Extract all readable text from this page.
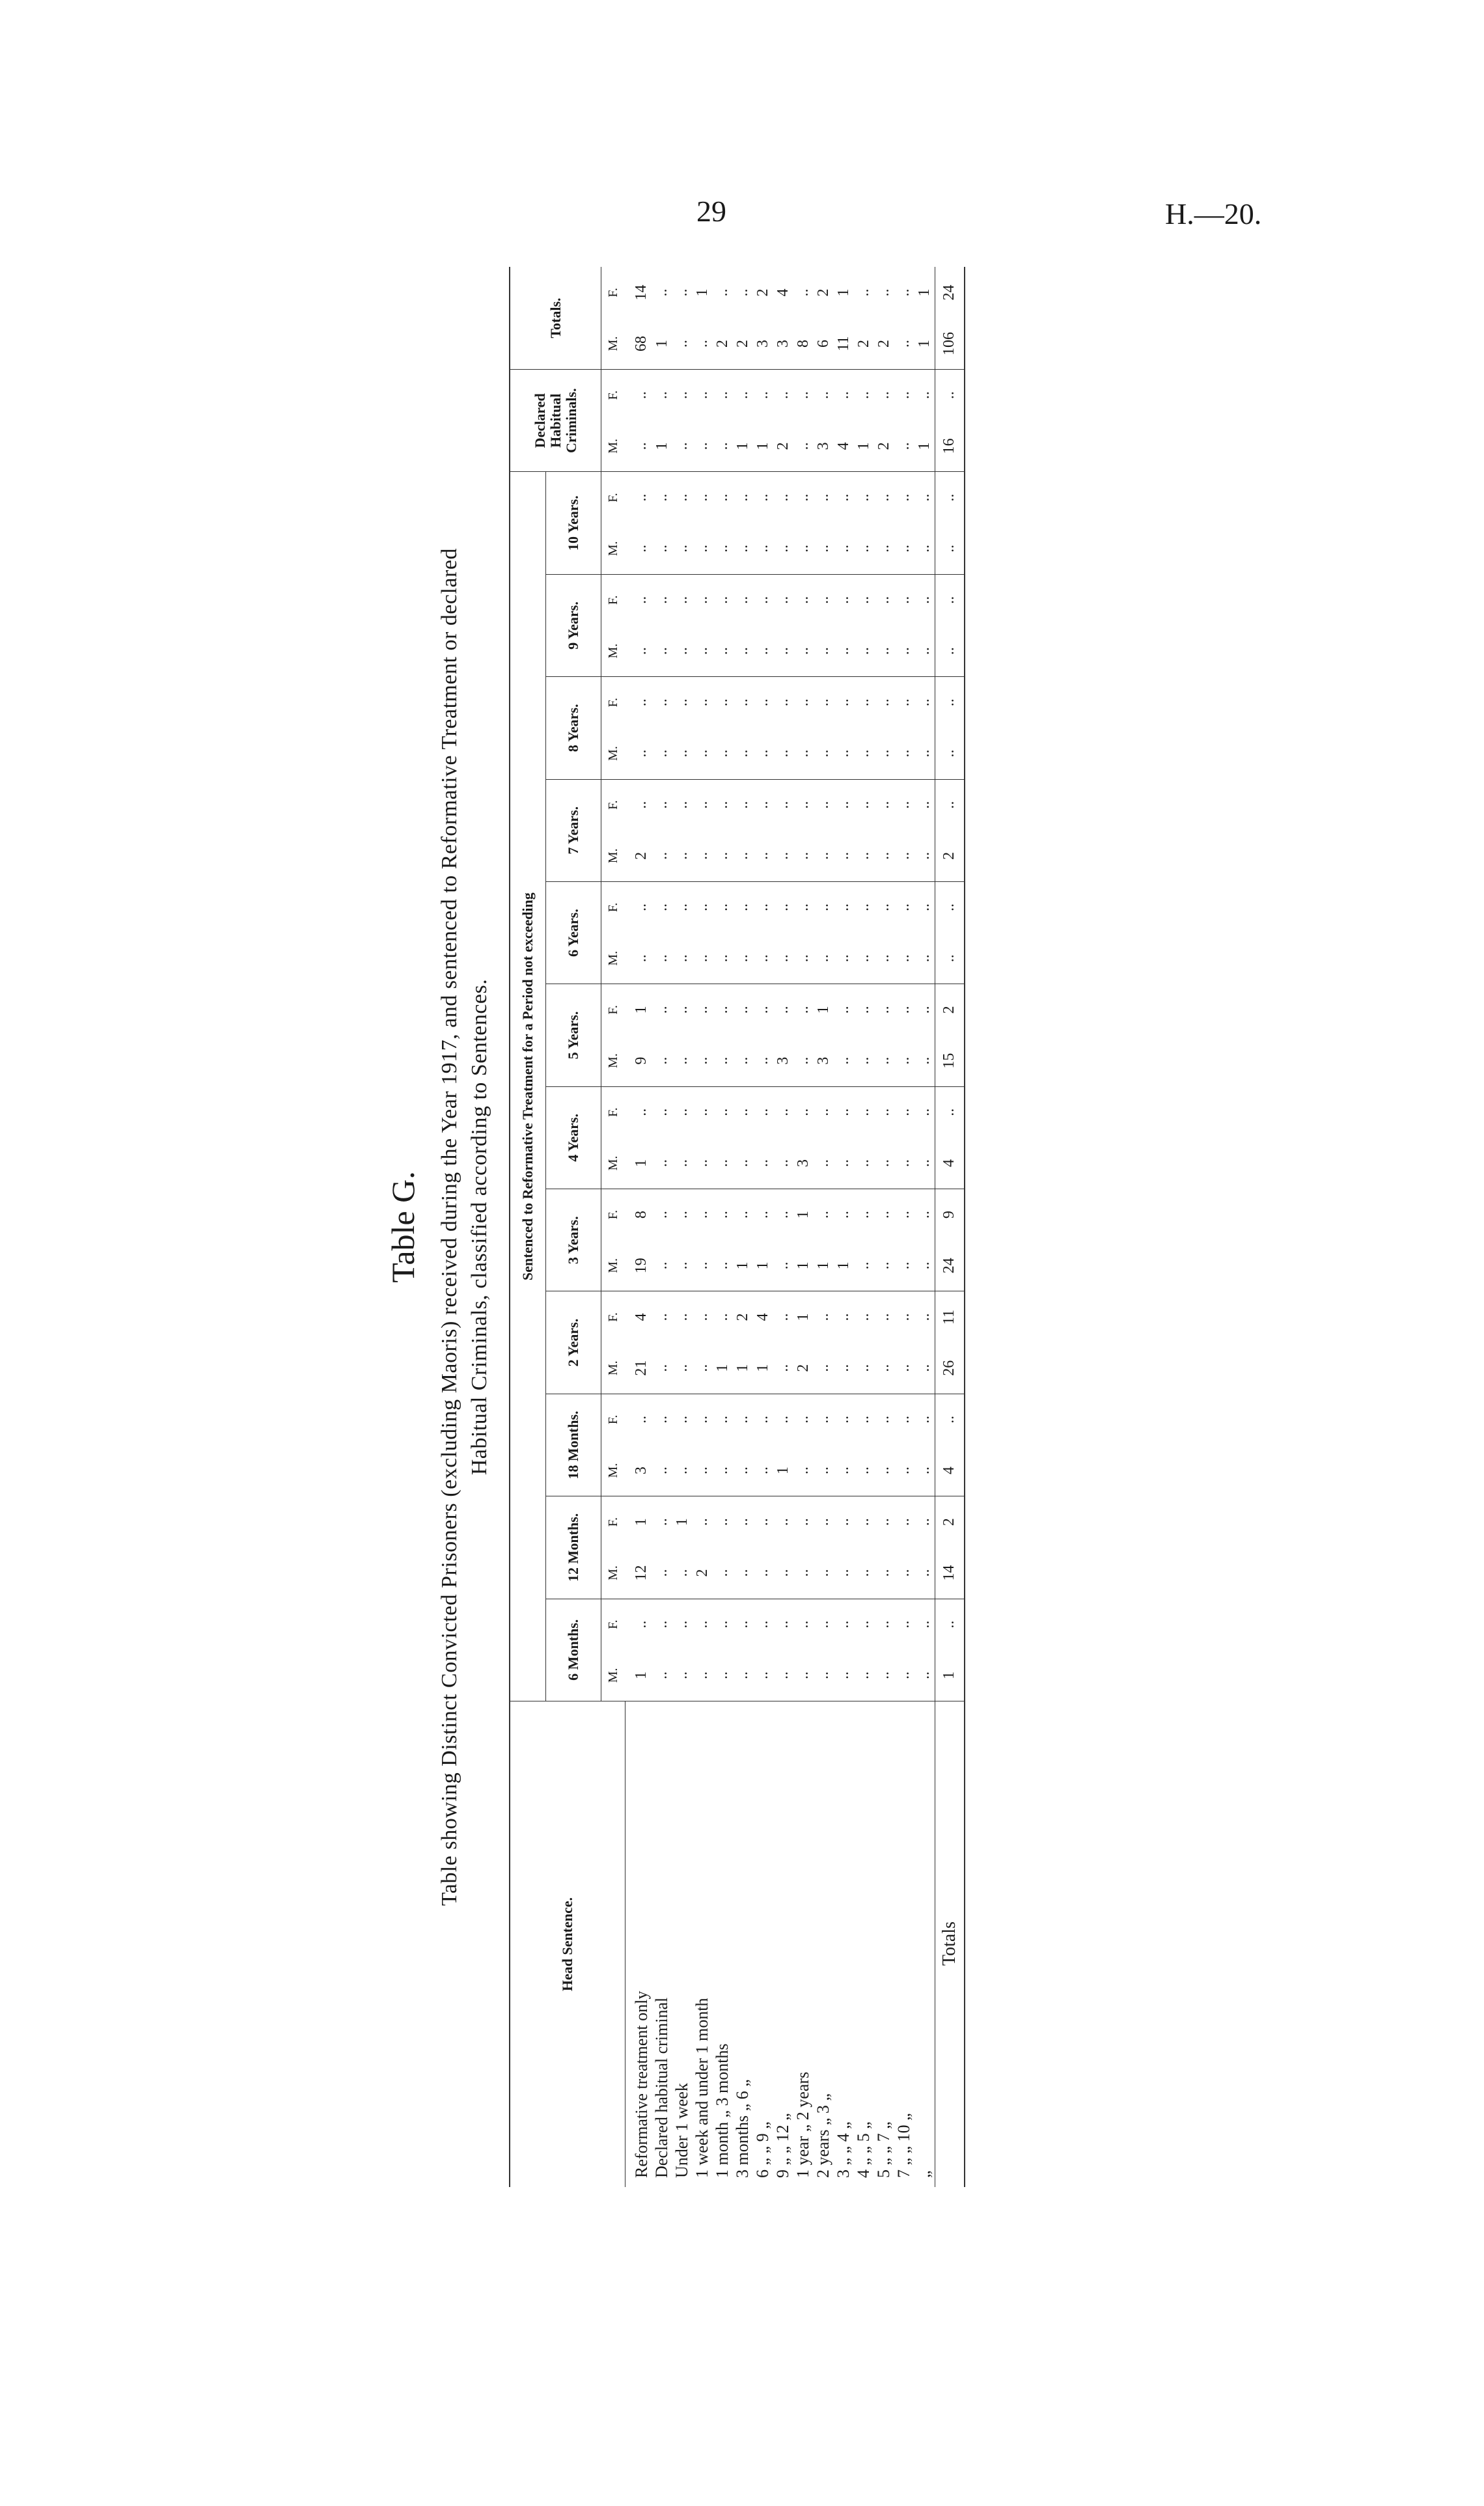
29	H.—20.
Table G. Table showing Distinct Convicted Prisoners (excluding Maoris) received during the Year 1917, and sentenced to Reformative Treatment or declared Habitual Criminals, classified according to Sentences.
Head Sentence.	Sentenced to Reformative Treatment for a Period not exceeding																								Declared Habitual Criminals.		Totals.	
	6 Months.		12 Months.		18 Months.		2 Years.		3 Years.		4 Years.		5 Years.		6 Years.		7 Years.		8 Years.		9 Years.		10 Years.					
	M.	F.	M.	F.	M.	F.	M.	F.	M.	F.	M.	F.	M.	F.	M.	F.	M.	F.	M.	F.	M.	F.	M.	F.	M.	F.	M.	F.
Reformative treatment only	1	..	12	1	3	..	21	4	19	8	1	..	9	1	..	..	2	..	..	..	..	..	..	..	..	..	68	14
Declared habitual criminal	..	..	..	..	..	..	..	..	..	..	..	..	..	..	..	..	..	..	..	..	..	..	..	..	1	..	1	..
Under 1 week	..	..	..	1	..	..	..	..	..	..	..	..	..	..	..	..	..	..	..	..	..	..	..	..	..	..	..	..
1 week and under 1 month	..	..	2	..	..	..	..	..	..	..	..	..	..	..	..	..	..	..	..	..	..	..	..	..	..	..	..	1
1 month „ 3 months	..	..	..	..	..	..	1	..	..	..	..	..	..	..	..	..	..	..	..	..	..	..	..	..	..	..	2	..
3 months „ 6 „	..	..	..	..	..	..	1	2	1	..	..	..	..	..	..	..	..	..	..	..	..	..	..	..	1	..	2	..
6 „ „ 9 „	..	..	..	..	..	..	1	4	1	..	..	..	..	..	..	..	..	..	..	..	..	..	..	..	1	..	3	2
9 „ „ 12 „	..	..	..	..	1	..	..	..	..	..	..	..	3	..	..	..	..	..	..	..	..	..	..	..	2	..	3	4
1 year „ 2 years	..	..	..	..	..	..	2	1	1	1	3	..	..	..	..	..	..	..	..	..	..	..	..	..	..	..	8	..
2 years „ 3 „	..	..	..	..	..	..	..	..	1	..	..	..	3	1	..	..	..	..	..	..	..	..	..	..	3	..	6	2
3 „ „ 4 „	..	..	..	..	..	..	..	..	1	..	..	..	..	..	..	..	..	..	..	..	..	..	..	..	4	..	11	1
4 „ „ 5 „	..	..	..	..	..	..	..	..	..	..	..	..	..	..	..	..	..	..	..	..	..	..	..	..	1	..	2	..
5 „ „ 7 „	..	..	..	..	..	..	..	..	..	..	..	..	..	..	..	..	..	..	..	..	..	..	..	..	2	..	2	..
7 „ „ 10 „	..	..	..	..	..	..	..	..	..	..	..	..	..	..	..	..	..	..	..	..	..	..	..	..	..	..	..	..
„	..	..	..	..	..	..	..	..	..	..	..	..	..	..	..	..	..	..	..	..	..	..	..	..	1	..	1	1
Totals	1	..	14	2	4	..	26	11	24	9	4	..	15	2	..	..	2	..	..	..	..	..	..	..	16	..	106	24
